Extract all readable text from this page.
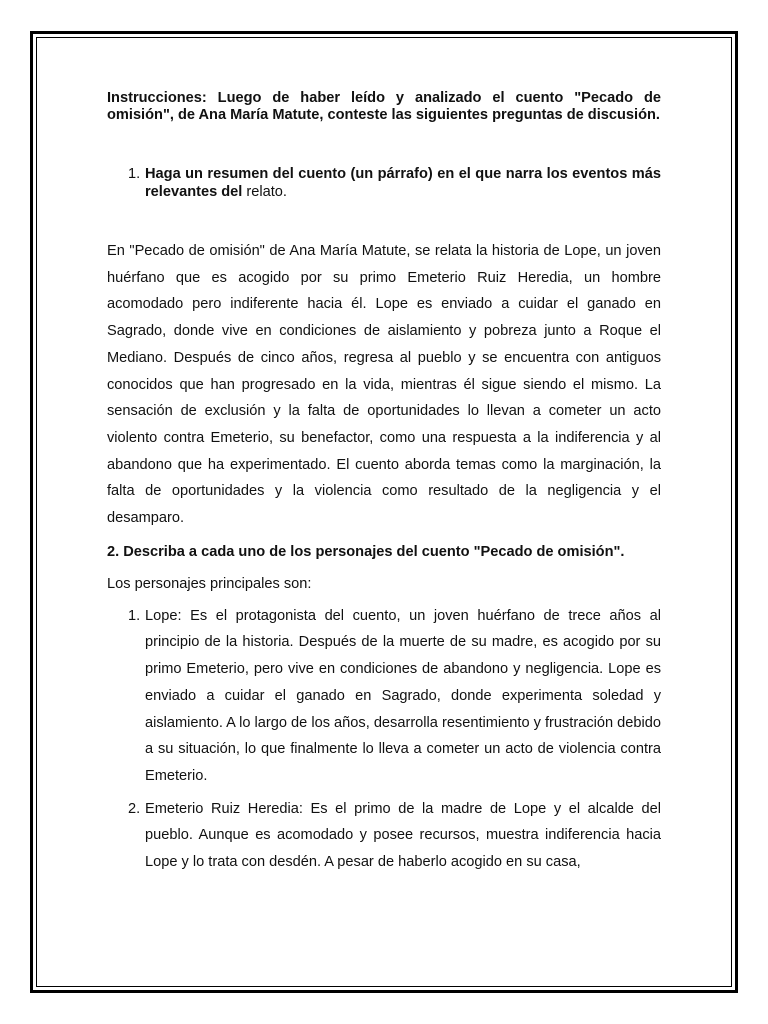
Instrucciones: Luego de haber leído y analizado el cuento "Pecado de omisión", de Ana María Matute, conteste las siguientes preguntas de discusión.

1. Haga un resumen del cuento (un párrafo) en el que narra los eventos más relevantes del relato.

En "Pecado de omisión" de Ana María Matute, se relata la historia de Lope, un joven huérfano que es acogido por su primo Emeterio Ruiz Heredia, un hombre acomodado pero indiferente hacia él. Lope es enviado a cuidar el ganado en Sagrado, donde vive en condiciones de aislamiento y pobreza junto a Roque el Mediano. Después de cinco años, regresa al pueblo y se encuentra con antiguos conocidos que han progresado en la vida, mientras él sigue siendo el mismo. La sensación de exclusión y la falta de oportunidades lo llevan a cometer un acto violento contra Emeterio, su benefactor, como una respuesta a la indiferencia y al abandono que ha experimentado. El cuento aborda temas como la marginación, la falta de oportunidades y la violencia como resultado de la negligencia y el desamparo.

2. Describa a cada uno de los personajes del cuento "Pecado de omisión".

Los personajes principales son:

1. Lope: Es el protagonista del cuento, un joven huérfano de trece años al principio de la historia. Después de la muerte de su madre, es acogido por su primo Emeterio, pero vive en condiciones de abandono y negligencia. Lope es enviado a cuidar el ganado en Sagrado, donde experimenta soledad y aislamiento. A lo largo de los años, desarrolla resentimiento y frustración debido a su situación, lo que finalmente lo lleva a cometer un acto de violencia contra Emeterio.
2. Emeterio Ruiz Heredia: Es el primo de la madre de Lope y el alcalde del pueblo. Aunque es acomodado y posee recursos, muestra indiferencia hacia Lope y lo trata con desdén. A pesar de haberlo acogido en su casa,
